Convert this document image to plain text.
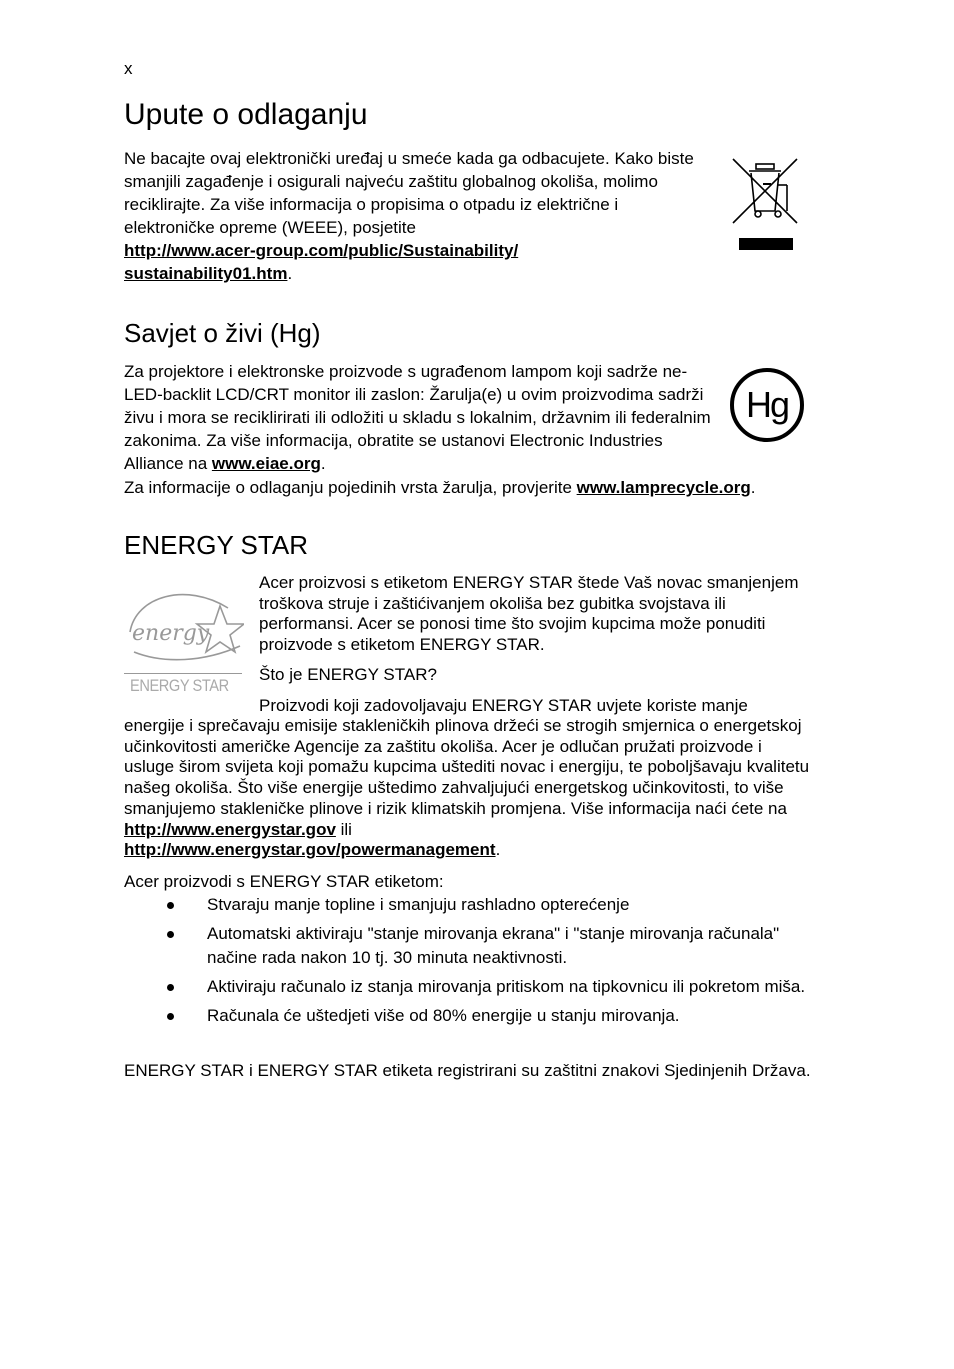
x
Upute o odlaganju

Ne bacajte ovaj elektronički uređaj u smeće kada ga odbacujete. Kako biste smanjili zagađenje i osigurali najveću zaštitu globalnog okoliša, molimo reciklirajte. Za više informacija o propisima o otpadu iz električne i elektroničke opreme (WEEE), posjetite
http://www.acer-group.com/public/Sustainability/
sustainability01.htm.

Savjet o živi (Hg)

Za projektore i elektronske proizvode s ugrađenom lampom koji sadrže ne-LED-backlit LCD/CRT monitor ili zaslon: Žarulja(e) u ovim proizvodima sadrži živu i mora se reciklirirati ili odložiti u skladu s lokalnim, državnim ili federalnim zakonima. Za više informacija, obratite se ustanovi Electronic Industries Alliance na www.eiae.org.

Za informacije o odlaganju pojedinih vrsta žarulja, provjerite www.lamprecycle.org.

Hg
ENERGY STAR
energy
ENERGY STAR

Acer proizvosi s etiketom ENERGY STAR štede Vaš novac smanjenjem troškova struje i zaštićivanjem okoliša bez gubitka svojstava ili performansi. Acer se ponosi time što svojim kupcima može ponuditi proizvode s etiketom ENERGY STAR.

Što je ENERGY STAR?

Proizvodi koji zadovoljavaju ENERGY STAR uvjete koriste manje

energije i sprečavaju emisije stakleničkih plinova držeći se strogih smjernica o energetskoj učinkovitosti američke Agencije za zaštitu okoliša. Acer je odlučan pružati proizvode i usluge širom svijeta koji pomažu kupcima uštediti novac i energiju, te poboljšavaju kvalitetu našeg okoliša. Što više energije uštedimo zahvaljujući energetskog učinkovitosti, to više smanjujemo stakleničke plinove i rizik klimatskih promjena. Više informacija naći ćete na http://www.energystar.gov ili
http://www.energystar.gov/powermanagement.

Acer proizvodi s ENERGY STAR etiketom:

Stvaraju manje topline i smanjuju rashladno opterećenje
Automatski aktiviraju "stanje mirovanja ekrana" i "stanje mirovanja računala" načine rada nakon 10 tj. 30 minuta neaktivnosti.
Aktiviraju računalo iz stanja mirovanja pritiskom na tipkovnicu ili pokretom miša.
Računala će uštedjeti više od 80% energije u stanju mirovanja.

ENERGY STAR i ENERGY STAR etiketa registrirani su zaštitni znakovi Sjedinjenih Država.
